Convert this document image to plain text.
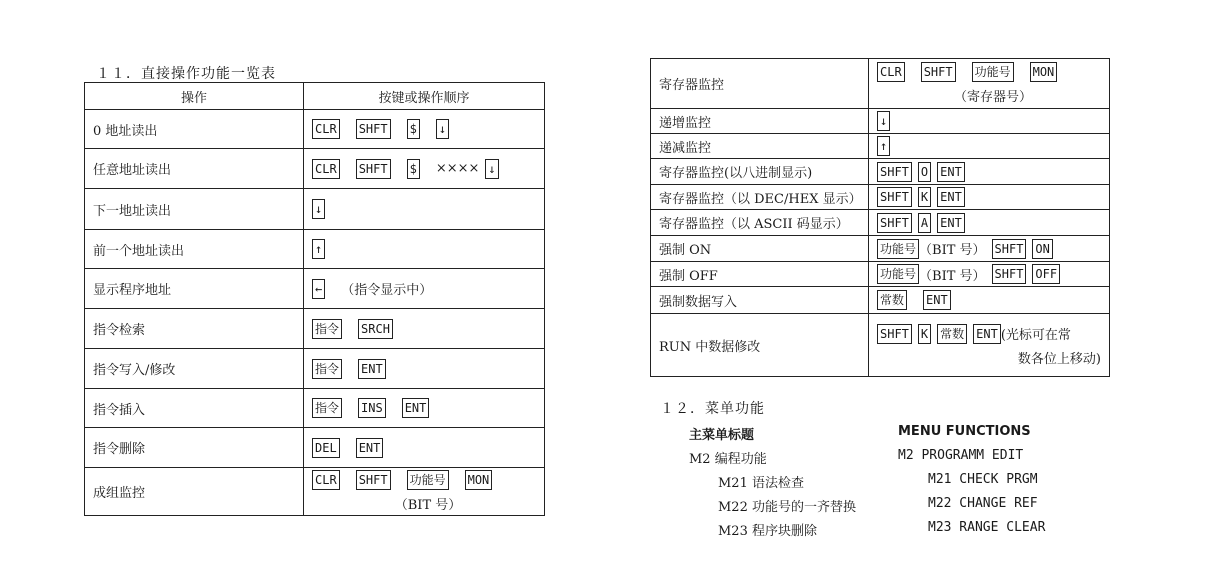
１１．直接操作功能一览表
操作	按键或操作顺序
0 地址读出	CLR SHFT $ ↓

任意地址读出	CLR SHFT $ ×××× ↓

下一地址读出	↓

前一个地址读出	↑

显示程序地址	← （指令显示中）

指令检索	指令 SRCH

指令写入/修改	指令 ENT

指令插入	指令 INS ENT

指令删除	DEL ENT

成组监控	CLR SHFT 功能号 MON
（BIT 号）
寄存器监控	CLR SHFT 功能号 MON
（寄存器号）

递增监控	↓

递减监控	↑

寄存器监控(以八进制显示)	SHFT O ENT

寄存器监控（以 DEC/HEX 显示）	SHFT K ENT

寄存器监控（以 ASCII 码显示）	SHFT A ENT

强制 ON	功能号 （BIT 号） SHFT ON

强制 OFF	功能号 （BIT 号） SHFT OFF

强制数据写入	常数 ENT

RUN 中数据修改	SHFT K 常数 ENT (光标可在常
数各位上移动)
１２．菜单功能
主菜单标题	MENU FUNCTIONS
M2 编程功能	M2 PROGRAMM EDIT
M21 语法检查	M21 CHECK PRGM
M22 功能号的一齐替换	M22 CHANGE REF
M23 程序块删除	M23 RANGE CLEAR
